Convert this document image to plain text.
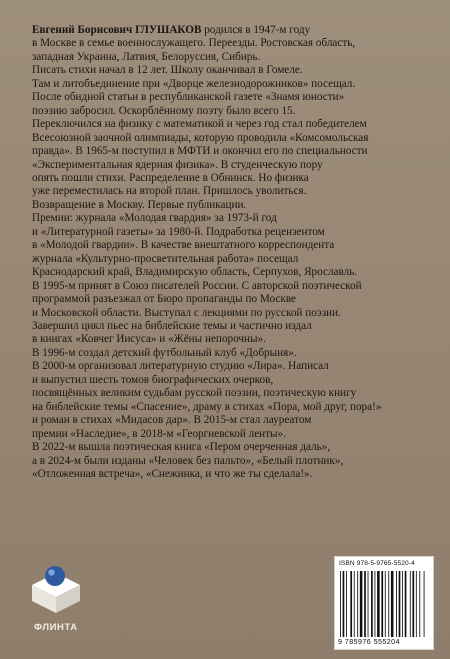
Евгений Борисович ГЛУШАКОВ родился в 1947-м году
в Москве в семье военнослужащего. Переезды. Ростовская область,
западная Украина, Латвия, Белоруссия, Сибирь.
Писать стихи начал в 12 лет. Школу оканчивал в Гомеле.
Там и литобъединение при «Дворце железнодорожников» посещал.
После обидной статьи в республиканской газете «Знамя юности»
поэзию забросил. Оскорблённому поэту было всего 15.
Переключился на физику с математикой и через год стал победителем
Всесоюзной заочной олимпиады, которую проводила «Комсомольская
правда». В 1965-м поступил в МФТИ и окончил его по специальности
«Экспериментальная ядерная физика». В студенческую пору
опять пошли стихи. Распределение в Обнинск. Но физика
уже переместилась на второй план. Пришлось уволиться.
Возвращение в Москву. Первые публикации.
Премии: журнала «Молодая гвардия» за 1973-й год
и «Литературной газеты» за 1980-й. Подработка рецензентом
в «Молодой гвардии». В качестве внештатного корреспондента
журнала «Культурно-просветительная работа» посещал
Краснодарский край, Владимирскую область, Серпухов, Ярославль.
В 1995-м принят в Союз писателей России. С авторской поэтической
программой разъезжал от Бюро пропаганды по Москве
и Московской области. Выступал с лекциями по русской поэзии.
Завершил цикл пьес на библейские темы и частично издал
в книгах «Ковчег Иисуса» и «Жёны непорочны».
В 1996-м создал детский футбольный клуб «Добрыня».
В 2000-м организовал литературную студию «Лира». Написал
и выпустил шесть томов биографических очерков,
посвящённых великим судьбам русской поэзии, поэтическую книгу
на библейские темы «Спасение», драму в стихах «Пора, мой друг, пора!»
и роман в стихах «Мидасов дар». В 2015-м стал лауреатом
премии «Наследие», в 2018-м «Георгиевской ленты».
В 2022-м вышла поэтическая книга «Пером очерченная даль»,
а в 2024-м были изданы «Человек без пальто», «Белый плотник»,
«Отложенная встреча», «Снежинка, и что же ты сделала!».
ФЛИНТА
ISBN 978-5-9765-5520-4
9 785976 555204
